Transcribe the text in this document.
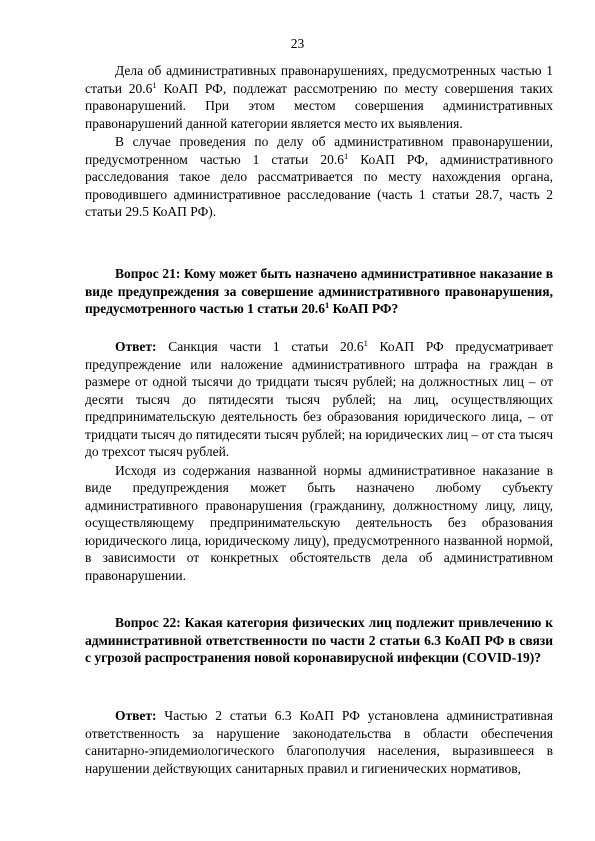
23

Дела об административных правонарушениях, предусмотренных частью 1 статьи 20.6$^1$ КоАП РФ, подлежат рассмотрению по месту совершения таких правонарушений. При этом местом совершения административных правонарушений данной категории является место их выявления.

В случае проведения по делу об административном правонарушении, предусмотренном частью 1 статьи 20.6$^1$ КоАП РФ, административного расследования такое дело рассматривается по месту нахождения органа, проводившего административное расследование (часть 1 статьи 28.7, часть 2 статьи 29.5 КоАП РФ).

Вопрос 21: Кому может быть назначено административное наказание в виде предупреждения за совершение административного правонарушения, предусмотренного частью 1 статьи 20.6$^1$ КоАП РФ?

Ответ: Санкция части 1 статьи 20.6$^1$ КоАП РФ предусматривает предупреждение или наложение административного штрафа на граждан в размере от одной тысячи до тридцати тысяч рублей; на должностных лиц – от десяти тысяч до пятидесяти тысяч рублей; на лиц, осуществляющих предпринимательскую деятельность без образования юридического лица, – от тридцати тысяч до пятидесяти тысяч рублей; на юридических лиц – от ста тысяч до трехсот тысяч рублей.

Исходя из содержания названной нормы административное наказание в виде предупреждения может быть назначено любому субъекту административного правонарушения (гражданину, должностному лицу, лицу, осуществляющему предпринимательскую деятельность без образования юридического лица, юридическому лицу), предусмотренного названной нормой, в зависимости от конкретных обстоятельств дела об административном правонарушении.

Вопрос 22: Какая категория физических лиц подлежит привлечению к административной ответственности по части 2 статьи 6.3 КоАП РФ в связи с угрозой распространения новой коронавирусной инфекции (COVID-19)?

Ответ: Частью 2 статьи 6.3 КоАП РФ установлена административная ответственность за нарушение законодательства в области обеспечения санитарно-эпидемиологического благополучия населения, выразившееся в нарушении действующих санитарных правил и гигиенических нормативов,
